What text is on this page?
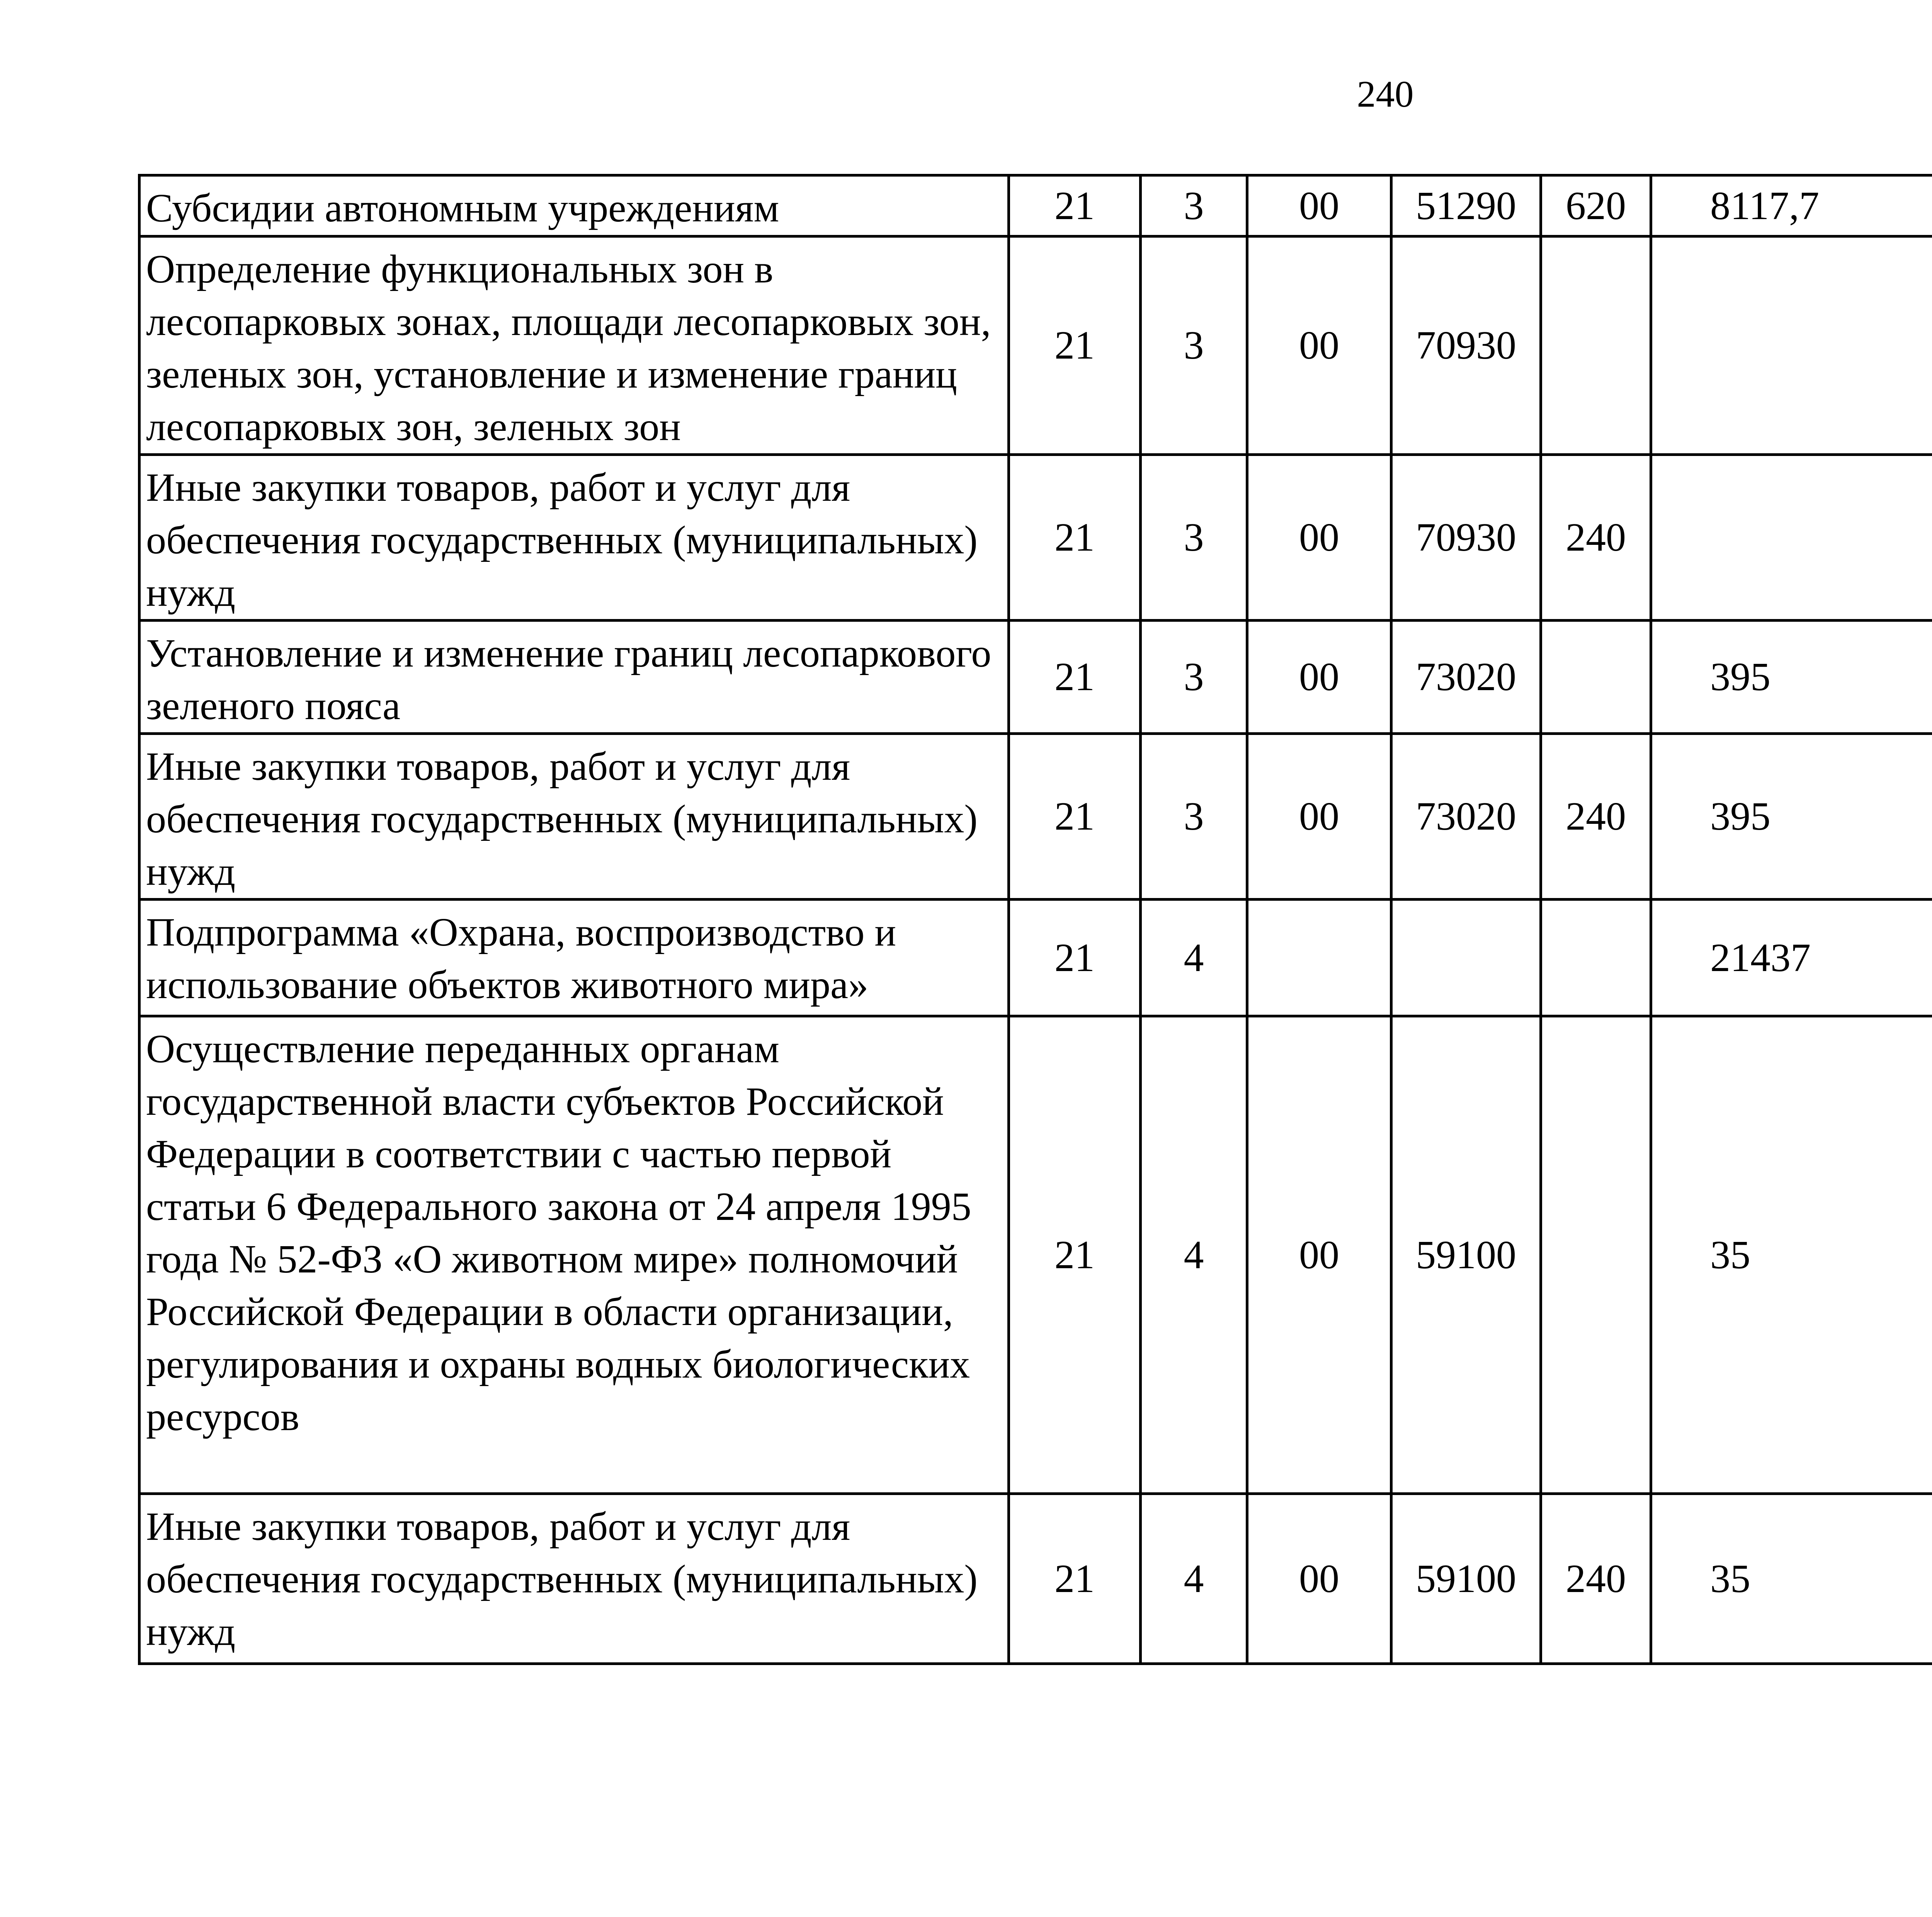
240
Субсидии автономным учреждениям	21	3	00	51290	620	8117,7		
Определение функциональных зон в лесопарковых зонах, площади лесопарковых зон, зеленых зон, установление и изменение границ лесопарковых зон, зеленых зон	21	3	00	70930				
Иные закупки товаров, работ и услуг для обеспечения государственных (муниципальных) нужд	21	3	00	70930	240			
Установление и изменение границ лесопаркового зеленого пояса	21	3	00	73020		395		
Иные закупки товаров, работ и услуг для обеспечения государственных (муниципальных) нужд	21	3	00	73020	240	395		
Подпрограмма «Охрана, воспроизводство и использование объектов животного мира»	21	4				21437		
Осуществление переданных органам государственной власти субъектов Российской Федерации в соответствии с частью первой статьи 6 Федерального закона от 24 апреля 1995 года № 52-ФЗ «О животном мире» полномочий Российской Федерации в области организации, регулирования и охраны водных биологических ресурсов	21	4	00	59100		35		
Иные закупки товаров, работ и услуг для обеспечения государственных (муниципальных) нужд	21	4	00	59100	240	35		
